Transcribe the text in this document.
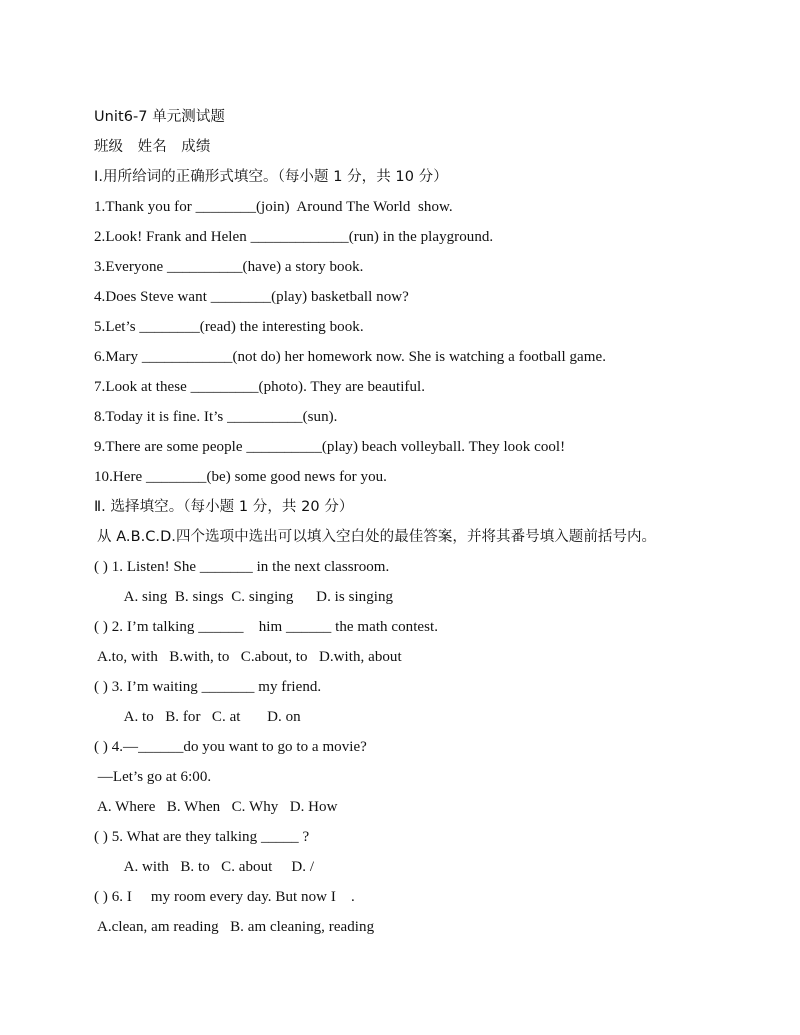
Unit6-7 单元测试题
班级　姓名　成绩
Ⅰ.用所给词的正确形式填空。（每小题 1 分，共 10 分）
1.Thank you for ________(join)  Around The World  show.
2.Look! Frank and Helen _____________(run) in the playground.
3.Everyone __________(have) a story book.
4.Does Steve want ________(play) basketball now?
5.Let’s ________(read) the interesting book.
6.Mary ____________(not do) her homework now. She is watching a football game.
7.Look at these _________(photo). They are beautiful.
8.Today it is fine. It’s __________(sun).
9.There are some people __________(play) beach volleyball. They look cool!
10.Here ________(be) some good news for you.
Ⅱ. 选择填空。（每小题 1 分，共 20 分）
从 A.B.C.D.四个选项中选出可以填入空白处的最佳答案，并将其番号填入题前括号内。
( ) 1. Listen! She _______ in the next classroom.
A. sing  B. sings  C. singing      D. is singing
( ) 2. I’m talking ______    him ______ the math contest.
A.to, with   B.with, to   C.about, to   D.with, about
( ) 3. I’m waiting _______ my friend.
A. to   B. for   C. at       D. on
( ) 4.—______do you want to go to a movie?
—Let’s go at 6:00.
A. Where   B. When   C. Why   D. How
( ) 5. What are they talking _____ ?
A. with   B. to   C. about     D. /
( ) 6. I     my room every day. But now I    .
A.clean, am reading   B. am cleaning, reading
